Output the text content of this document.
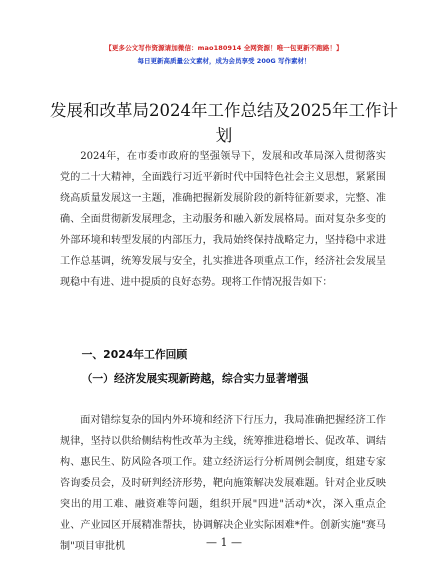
【更多公文写作资源请加微信：mao180914 全网资源！唯一包更新不跑路！】
每日更新高质量公文素材，成为会员享受 200G 写作素材！
发展和改革局2024年工作总结及2025年工作计划

2024年，在市委市政府的坚强领导下，发展和改革局深入贯彻落实党的二十大精神，全面践行习近平新时代中国特色社会主义思想，紧紧围绕高质量发展这一主题，准确把握新发展阶段的新特征新要求，完整、准确、全面贯彻新发展理念，主动服务和融入新发展格局。面对复杂多变的外部环境和转型发展的内部压力，我局始终保持战略定力，坚持稳中求进工作总基调，统筹发展与安全，扎实推进各项重点工作，经济社会发展呈现稳中有进、进中提质的良好态势。现将工作情况报告如下：

一、2024年工作回顾
（一）经济发展实现新跨越，综合实力显著增强

面对错综复杂的国内外环境和经济下行压力，我局准确把握经济工作规律，坚持以供给侧结构性改革为主线，统筹推进稳增长、促改革、调结构、惠民生、防风险各项工作。建立经济运行分析周例会制度，组建专家咨询委员会，及时研判经济形势，靶向施策解决发展难题。针对企业反映突出的用工难、融资难等问题，组织开展"四进"活动*次，深入重点企业、产业园区开展精准帮扶，协调解决企业实际困难*件。创新实施"赛马制"项目审批机	— 1 —
